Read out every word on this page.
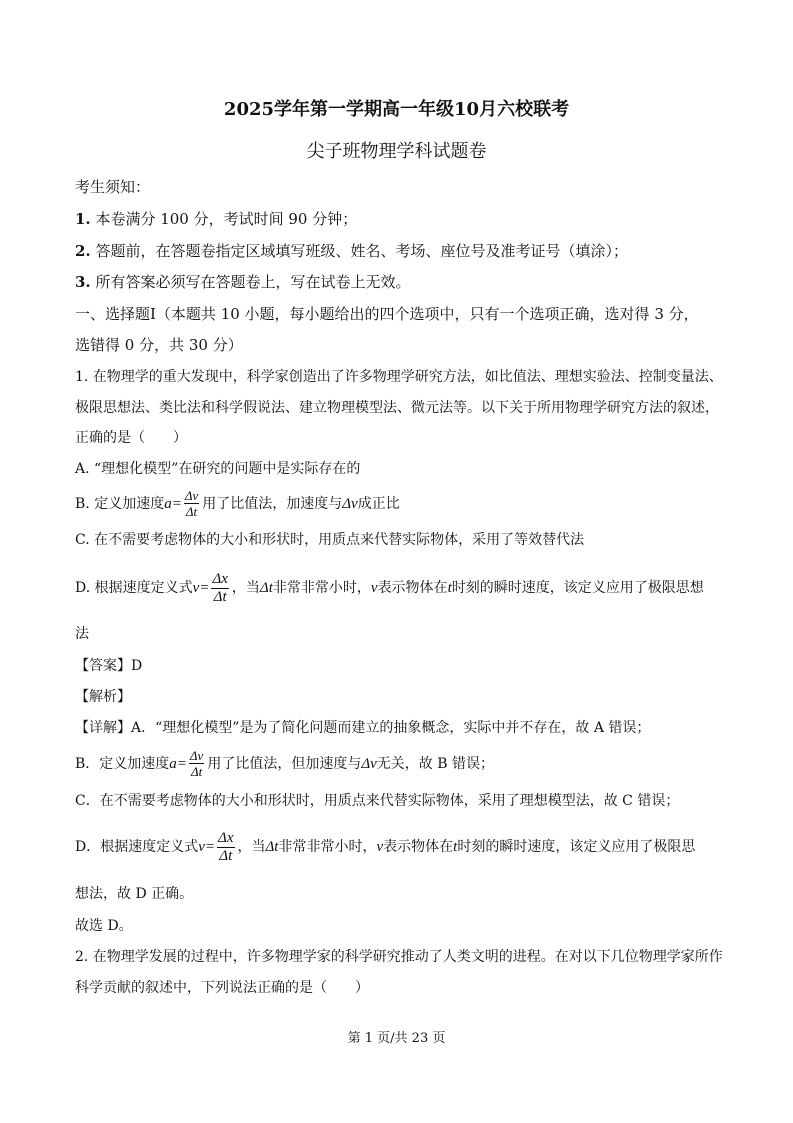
2025学年第一学期高一年级10月六校联考
尖子班物理学科试题卷
考生须知：
1. 本卷满分 100 分，考试时间 90 分钟；
2. 答题前，在答题卷指定区域填写班级、姓名、考场、座位号及准考证号（填涂）；
3. 所有答案必须写在答题卷上，写在试卷上无效。
一、选择题Ⅰ（本题共 10 小题，每小题给出的四个选项中，只有一个选项正确，选对得 3 分，
选错得 0 分，共 30 分）
1. 在物理学的重大发现中，科学家创造出了许多物理学研究方法，如比值法、理想实验法、控制变量法、
极限思想法、类比法和科学假说法、建立物理模型法、微元法等。以下关于所用物理学研究方法的叙述，
正确的是（　　）
A. “理想化模型”在研究的问题中是实际存在的
B. 定义加速度$a= \frac{\Delta v}{\Delta t}$ 用了比值法，加速度与Δv成正比
C. 在不需要考虑物体的大小和形状时，用质点来代替实际物体，采用了等效替代法
D. 根据速度定义式$v= \frac{\Delta x}{\Delta t}$ ，当Δt非常非常小时，v表示物体在t时刻的瞬时速度，该定义应用了极限思想
法
【答案】D
【解析】
【详解】A．“理想化模型”是为了简化问题而建立的抽象概念，实际中并不存在，故 A 错误；
B．定义加速度$a= \frac{\Delta v}{\Delta t}$ 用了比值法，但加速度与Δv无关，故 B 错误；
C．在不需要考虑物体的大小和形状时，用质点来代替实际物体，采用了理想模型法，故 C 错误；
D．根据速度定义式$v= \frac{\Delta x}{\Delta t}$ ，当Δt非常非常小时，v表示物体在t时刻的瞬时速度，该定义应用了极限思
想法，故 D 正确。
故选 D。
2. 在物理学发展的过程中，许多物理学家的科学研究推动了人类文明的进程。在对以下几位物理学家所作
科学贡献的叙述中，下列说法正确的是（　　）
第 1 页/共 23 页
